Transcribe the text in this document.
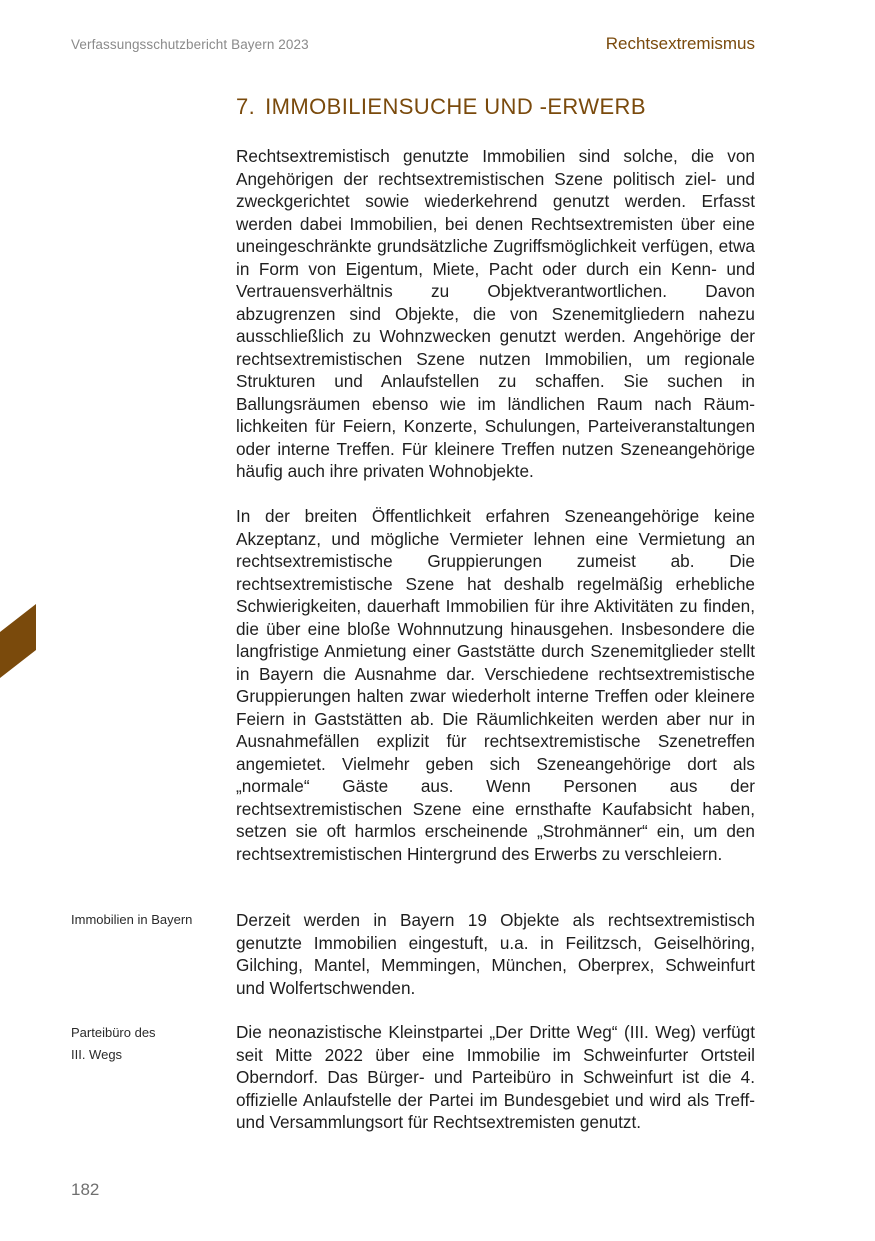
Verfassungsschutzbericht Bayern 2023	Rechtsextremismus
7. IMMOBILIENSUCHE UND -ERWERB

Rechtsextremistisch genutzte Immobilien sind solche, die von Angehörigen der rechtsextremistischen Szene politisch ziel- und zweckgerichtet sowie wiederkehrend genutzt werden. Erfasst werden dabei Immobilien, bei denen Rechtsextremisten über eine uneingeschränkte grundsätzliche Zugriffsmöglichkeit verfügen, etwa in Form von Eigentum, Miete, Pacht oder durch ein Kenn- und Vertrauensverhältnis zu Objektverantwortlichen. Davon abzugrenzen sind Objekte, die von Szenemitgliedern nahezu ausschließlich zu Wohnzwecken genutzt werden. Angehörige der rechtsextremistischen Szene nutzen Immobilien, um regionale Strukturen und Anlaufstellen zu schaffen. Sie suchen in Ballungsräumen ebenso wie im ländlichen Raum nach Räumlichkeiten für Feiern, Konzerte, Schulungen, Parteiveranstaltungen oder interne Treffen. Für kleinere Treffen nutzen Szeneangehörige häufig auch ihre privaten Wohnobjekte.

In der breiten Öffentlichkeit erfahren Szeneangehörige keine Akzeptanz, und mögliche Vermieter lehnen eine Vermietung an rechtsextremistische Gruppierungen zumeist ab. Die rechtsextremistische Szene hat deshalb regelmäßig erhebliche Schwierigkeiten, dauerhaft Immobilien für ihre Aktivitäten zu finden, die über eine bloße Wohnnutzung hinausgehen. Insbesondere die langfristige Anmietung einer Gaststätte durch Szenemitglieder stellt in Bayern die Ausnahme dar. Verschiedene rechtsextremistische Gruppierungen halten zwar wiederholt interne Treffen oder kleinere Feiern in Gaststätten ab. Die Räumlichkeiten werden aber nur in Ausnahmefällen explizit für rechtsextremistische Szenetreffen angemietet. Vielmehr geben sich Szeneangehörige dort als „normale“ Gäste aus. Wenn Personen aus der rechtsextremistischen Szene eine ernsthafte Kaufabsicht haben, setzen sie oft harmlos erscheinende „Strohmänner“ ein, um den rechtsextremistischen Hintergrund des Erwerbs zu verschleiern.

Immobilien in Bayern	Derzeit werden in Bayern 19 Objekte als rechtsextremistisch genutzte Immobilien eingestuft, u.a. in Feilitzsch, Geiselhöring, Gilching, Mantel, Memmingen, München, Oberprex, Schweinfurt und Wolfertschwenden.

Parteibüro des
III. Wegs

Die neonazistische Kleinstpartei „Der Dritte Weg“ (III. Weg) verfügt seit Mitte 2022 über eine Immobilie im Schweinfurter Ortsteil Oberndorf. Das Bürger- und Parteibüro in Schweinfurt ist die 4. offizielle Anlaufstelle der Partei im Bundesgebiet und wird als Treff- und Versammlungsort für Rechtsextremisten genutzt.

182
